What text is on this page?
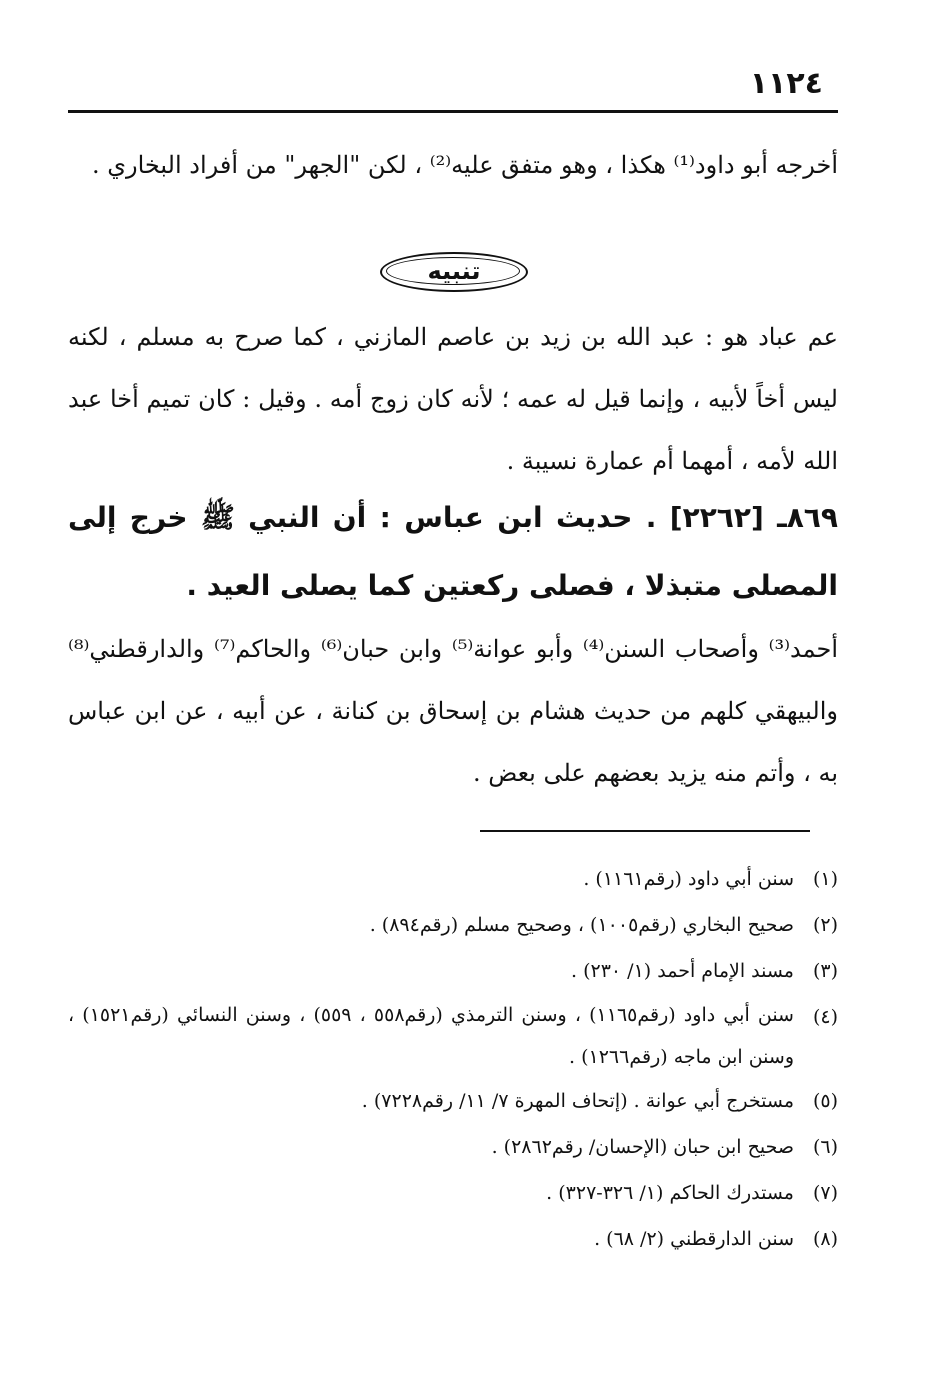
١١٢٤
أخرجه أبو داود⁽¹⁾ هكذا ، وهو متفق عليه⁽²⁾ ، لكن "الجهر" من أفراد البخاري .
تنبيه
عم عباد هو : عبد الله بن زيد بن عاصم المازني ، كما صرح به مسلم ، لكنه ليس أخاً لأبيه ، وإنما قيل له عمه ؛ لأنه كان زوج أمه . وقيل : كان تميم أخا عبد الله لأمه ، أمهما أم عمارة نسيبة .
٨٦٩ـ [٢٢٦٢] . حديث ابن عباس : أن النبي ﷺ خرج إلى المصلى متبذلا ، فصلى ركعتين كما يصلى العيد .
أحمد⁽³⁾ وأصحاب السنن⁽⁴⁾ وأبو عوانة⁽⁵⁾ وابن حبان⁽⁶⁾ والحاكم⁽⁷⁾ والدارقطني⁽⁸⁾ والبيهقي كلهم من حديث هشام بن إسحاق بن كنانة ، عن أبيه ، عن ابن عباس به ، وأتم منه يزيد بعضهم على بعض .
(١)
سنن أبي داود (رقم١١٦١) .
(٢)
صحيح البخاري (رقم١٠٠٥) ، وصحيح مسلم (رقم٨٩٤) .
(٣)
مسند الإمام أحمد (١/ ٢٣٠) .
(٤)
سنن أبي داود (رقم١١٦٥) ، وسنن الترمذي (رقم٥٥٨ ، ٥٥٩) ، وسنن النسائي (رقم١٥٢١) ، وسنن ابن ماجه (رقم١٢٦٦) .
(٥)
مستخرج أبي عوانة . (إتحاف المهرة ٧/ ١١/ رقم٧٢٢٨) .
(٦)
صحيح ابن حبان (الإحسان/ رقم٢٨٦٢) .
(٧)
مستدرك الحاكم (١/ ٣٢٦-٣٢٧) .
(٨)
سنن الدارقطني (٢/ ٦٨) .
